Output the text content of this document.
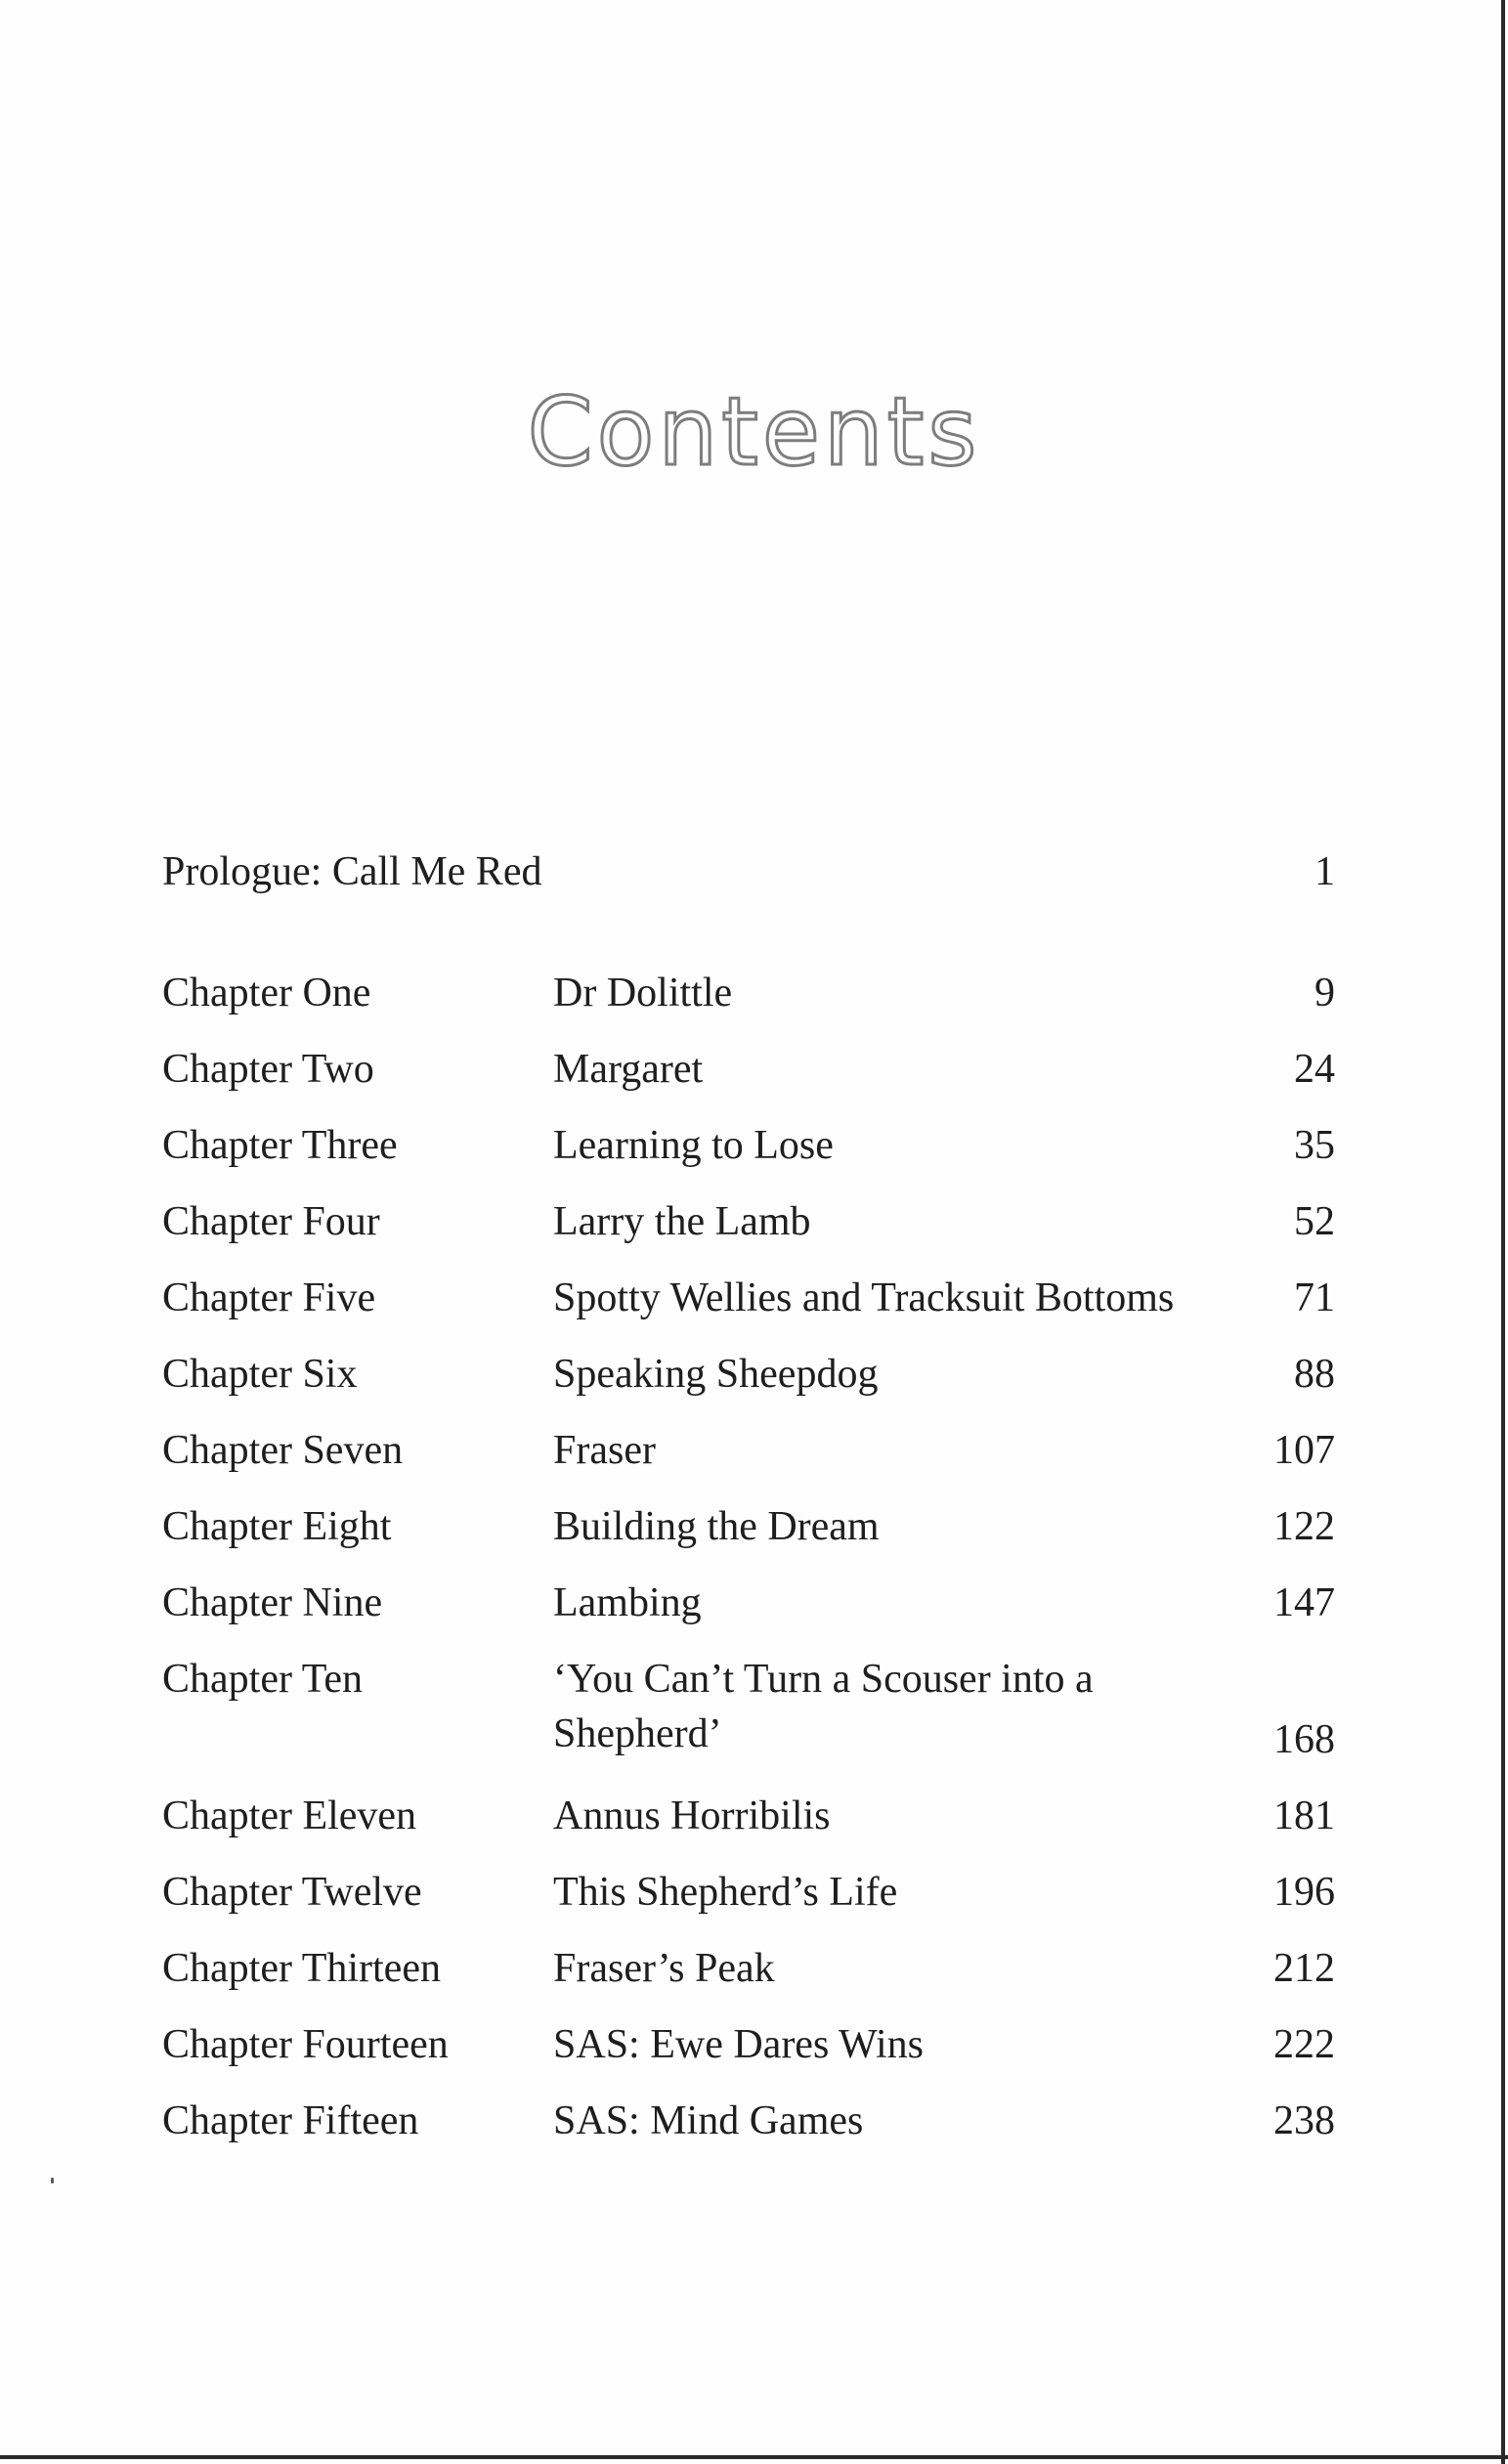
Contents
Prologue: Call Me Red	1
Chapter One	Dr Dolittle	9
Chapter Two	Margaret	24
Chapter Three	Learning to Lose	35
Chapter Four	Larry the Lamb	52
Chapter Five	Spotty Wellies and Tracksuit Bottoms	71
Chapter Six	Speaking Sheepdog	88
Chapter Seven	Fraser	107
Chapter Eight	Building the Dream	122
Chapter Nine	Lambing	147
Chapter Ten	‘You Can’t Turn a Scouser into a Shepherd’	168
Chapter Eleven	Annus Horribilis	181
Chapter Twelve	This Shepherd’s Life	196
Chapter Thirteen	Fraser’s Peak	212
Chapter Fourteen	SAS: Ewe Dares Wins	222
Chapter Fifteen	SAS: Mind Games	238
